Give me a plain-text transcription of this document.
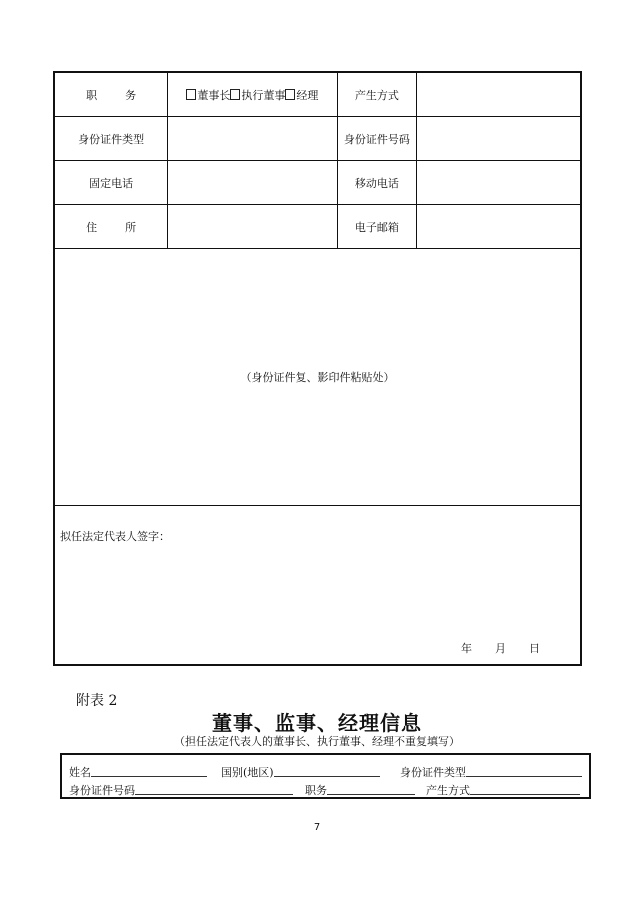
职        务	董事长 执行董事 经理	产生方式	
身份证件类型		身份证件号码	
固定电话		移动电话	
住        所		电子邮箱	
（身份证件复、影印件粘贴处）			

拟任法定代表人签字：
年 月 日			
附表 2
董事、监事、经理信息
（担任法定代表人的董事长、执行董事、经理不重复填写）
姓名	国别(地区)	身份证件类型
身份证件号码	职务	产生方式
7
